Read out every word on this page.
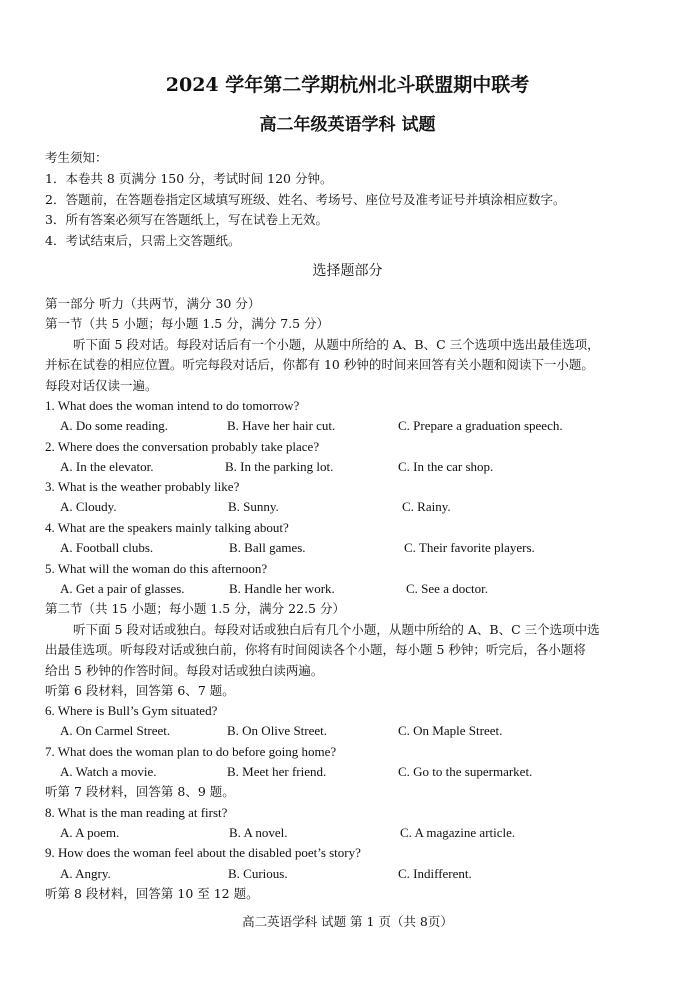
2024 学年第二学期杭州北斗联盟期中联考
高二年级英语学科 试题
考生须知：
1．本卷共 8 页满分 150 分，考试时间 120 分钟。
2．答题前，在答题卷指定区域填写班级、姓名、考场号、座位号及准考证号并填涂相应数字。
3．所有答案必须写在答题纸上，写在试卷上无效。
4．考试结束后，只需上交答题纸。
选择题部分
第一部分 听力（共两节，满分 30 分）
第一节（共 5 小题；每小题 1.5 分，满分 7.5 分）
听下面 5 段对话。每段对话后有一个小题，从题中所给的 A、B、C 三个选项中选出最佳选项，
并标在试卷的相应位置。听完每段对话后，你都有 10 秒钟的时间来回答有关小题和阅读下一小题。
每段对话仅读一遍。
1. What does the woman intend to do tomorrow?
A. Do some reading.	B. Have her hair cut.	C. Prepare a graduation speech.
2. Where does the conversation probably take place?
A. In the elevator.	B. In the parking lot.	C. In the car shop.
3. What is the weather probably like?
A. Cloudy.	B. Sunny.	C. Rainy.
4. What are the speakers mainly talking about?
A. Football clubs.	B. Ball games.	C. Their favorite players.
5. What will the woman do this afternoon?
A. Get a pair of glasses.	B. Handle her work.	C. See a doctor.
第二节（共 15 小题；每小题 1.5 分，满分 22.5 分）
听下面 5 段对话或独白。每段对话或独白后有几个小题，从题中所给的 A、B、C 三个选项中选
出最佳选项。听每段对话或独白前，你将有时间阅读各个小题，每小题 5 秒钟；听完后，各小题将
给出 5 秒钟的作答时间。每段对话或独白读两遍。
听第 6 段材料，回答第 6、7 题。
6. Where is Bull’s Gym situated?
A. On Carmel Street.	B. On Olive Street.	C. On Maple Street.
7. What does the woman plan to do before going home?
A. Watch a movie.	B. Meet her friend.	C. Go to the supermarket.
听第 7 段材料，回答第 8、9 题。
8. What is the man reading at first?
A. A poem.	B. A novel.	C. A magazine article.
9. How does the woman feel about the disabled poet’s story?
A. Angry.	B. Curious.	C. Indifferent.
听第 8 段材料，回答第 10 至 12 题。
高二英语学科 试题 第 1 页（共 8页）
